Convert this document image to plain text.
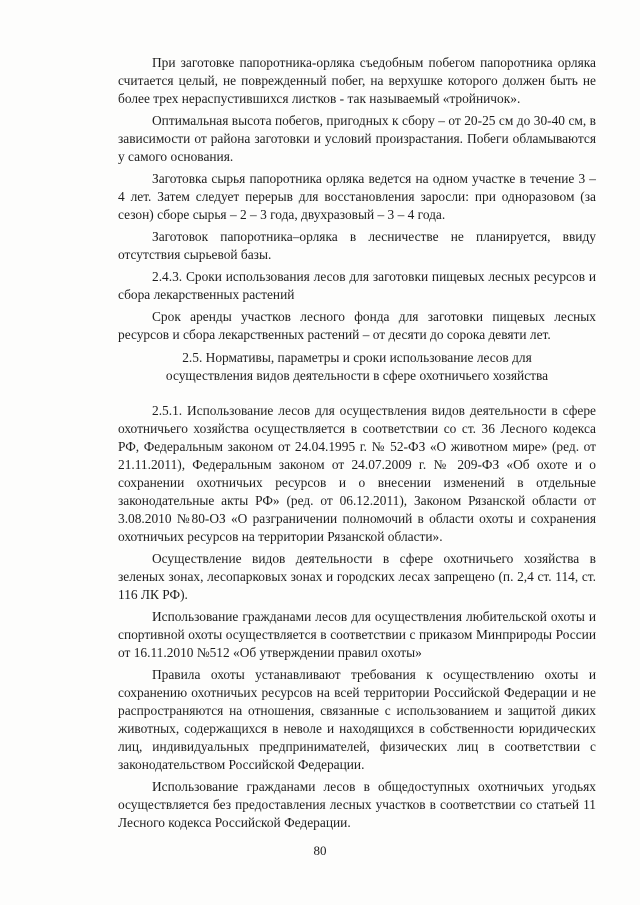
При заготовке папоротника-орляка съедобным побегом папоротника орляка считается целый, не поврежденный побег, на верхушке которого должен быть не более трех нераспустившихся листков - так называемый «тройничок».

Оптимальная высота побегов, пригодных к сбору – от 20-25 см до 30-40 см, в зависимости от района заготовки и условий произрастания. Побеги обламываются у самого основания.

Заготовка сырья папоротника орляка ведется на одном участке в течение 3 – 4 лет. Затем следует перерыв для восстановления заросли: при одноразовом (за сезон) сборе сырья – 2 – 3 года, двухразовый – 3 – 4 года.

Заготовок папоротника–орляка в лесничестве не планируется, ввиду отсутствия сырьевой базы.

2.4.3. Сроки использования лесов для заготовки пищевых лесных ресурсов и сбора лекарственных растений

Срок аренды участков лесного фонда для заготовки пищевых лесных ресурсов и сбора лекарственных растений – от десяти до сорока девяти лет.

2.5. Нормативы, параметры и сроки использование лесов для
осуществления видов деятельности в сфере охотничьего хозяйства

2.5.1. Использование лесов для осуществления видов деятельности в сфере охотничьего хозяйства осуществляется в соответствии со ст. 36 Лесного кодекса РФ, Федеральным законом от 24.04.1995 г. № 52-ФЗ «О животном мире» (ред. от 21.11.2011), Федеральным законом от 24.07.2009 г. № 209-ФЗ «Об охоте и о сохранении охотничьих ресурсов и о внесении изменений в отдельные законодательные акты РФ» (ред. от 06.12.2011), Законом Рязанской области от 3.08.2010 №80-ОЗ «О разграничении полномочий в области охоты и сохранения охотничьих ресурсов на территории Рязанской области».

Осуществление видов деятельности в сфере охотничьего хозяйства в зеленых зонах, лесопарковых зонах и городских лесах запрещено (п. 2,4 ст. 114, ст. 116 ЛК РФ).

Использование гражданами лесов для осуществления любительской охоты и спортивной охоты осуществляется в соответствии с приказом Минприроды России от 16.11.2010 №512 «Об утверждении правил охоты»

Правила охоты устанавливают требования к осуществлению охоты и сохранению охотничьих ресурсов на всей территории Российской Федерации и не распространяются на отношения, связанные с использованием и защитой диких животных, содержащихся в неволе и находящихся в собственности юридических лиц, индивидуальных предпринимателей, физических лиц в соответствии с законодательством Российской Федерации.

Использование гражданами лесов в общедоступных охотничьих угодьях осуществляется без предоставления лесных участков в соответствии со статьей 11 Лесного кодекса Российской Федерации.

80
